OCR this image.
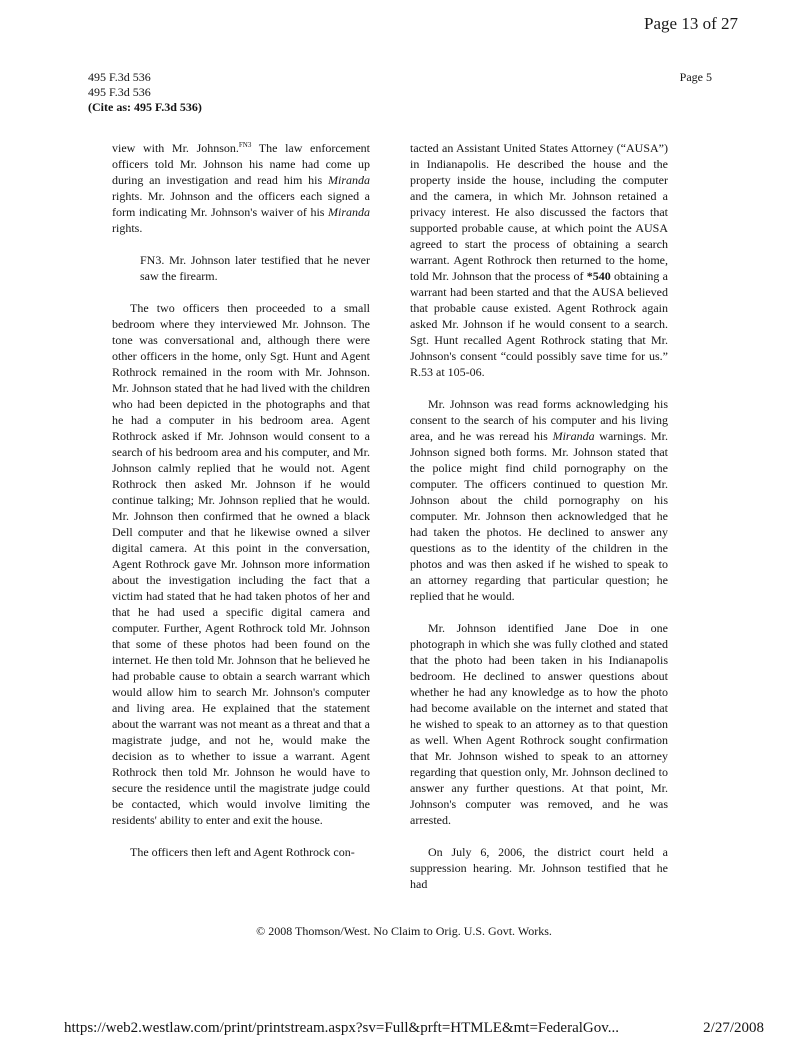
Page 13 of 27
495 F.3d 536
495 F.3d 536
(Cite as: 495 F.3d 536)
Page 5

view with Mr. Johnson.$^{FN3}$ The law enforcement officers told Mr. Johnson his name had come up during an investigation and read him his Miranda rights. Mr. Johnson and the officers each signed a form indicating Mr. Johnson's waiver of his Miranda rights.

FN3. Mr. Johnson later testified that he never saw the firearm.

The two officers then proceeded to a small bedroom where they interviewed Mr. Johnson. The tone was conversational and, although there were other officers in the home, only Sgt. Hunt and Agent Rothrock remained in the room with Mr. Johnson. Mr. Johnson stated that he had lived with the children who had been depicted in the photographs and that he had a computer in his bedroom area. Agent Rothrock asked if Mr. Johnson would consent to a search of his bedroom area and his computer, and Mr. Johnson calmly replied that he would not. Agent Rothrock then asked Mr. Johnson if he would continue talking; Mr. Johnson replied that he would. Mr. Johnson then confirmed that he owned a black Dell computer and that he likewise owned a silver digital camera. At this point in the conversation, Agent Rothrock gave Mr. Johnson more information about the investigation including the fact that a victim had stated that he had taken photos of her and that he had used a specific digital camera and computer. Further, Agent Rothrock told Mr. Johnson that some of these photos had been found on the internet. He then told Mr. Johnson that he believed he had probable cause to obtain a search warrant which would allow him to search Mr. Johnson's computer and living area. He explained that the statement about the warrant was not meant as a threat and that a magistrate judge, and not he, would make the decision as to whether to issue a warrant. Agent Rothrock then told Mr. Johnson he would have to secure the residence until the magistrate judge could be contacted, which would involve limiting the residents' ability to enter and exit the house.

The officers then left and Agent Rothrock con-

tacted an Assistant United States Attorney (“AUSA”) in Indianapolis. He described the house and the property inside the house, including the computer and the camera, in which Mr. Johnson retained a privacy interest. He also discussed the factors that supported probable cause, at which point the AUSA agreed to start the process of obtaining a search warrant. Agent Rothrock then returned to the home, told Mr. Johnson that the process of *540 obtaining a warrant had been started and that the AUSA believed that probable cause existed. Agent Rothrock again asked Mr. Johnson if he would consent to a search. Sgt. Hunt recalled Agent Rothrock stating that Mr. Johnson's consent “could possibly save time for us.” R.53 at 105-06.

Mr. Johnson was read forms acknowledging his consent to the search of his computer and his living area, and he was reread his Miranda warnings. Mr. Johnson signed both forms. Mr. Johnson stated that the police might find child pornography on the computer. The officers continued to question Mr. Johnson about the child pornography on his computer. Mr. Johnson then acknowledged that he had taken the photos. He declined to answer any questions as to the identity of the children in the photos and was then asked if he wished to speak to an attorney regarding that particular question; he replied that he would.

Mr. Johnson identified Jane Doe in one photograph in which she was fully clothed and stated that the photo had been taken in his Indianapolis bedroom. He declined to answer questions about whether he had any knowledge as to how the photo had become available on the internet and stated that he wished to speak to an attorney as to that question as well. When Agent Rothrock sought confirmation that Mr. Johnson wished to speak to an attorney regarding that question only, Mr. Johnson declined to answer any further questions. At that point, Mr. Johnson's computer was removed, and he was arrested.

On July 6, 2006, the district court held a suppression hearing. Mr. Johnson testified that he had

© 2008 Thomson/West. No Claim to Orig. U.S. Govt. Works.
https://web2.westlaw.com/print/printstream.aspx?sv=Full&prft=HTMLE&mt=FederalGov...	2/27/2008
